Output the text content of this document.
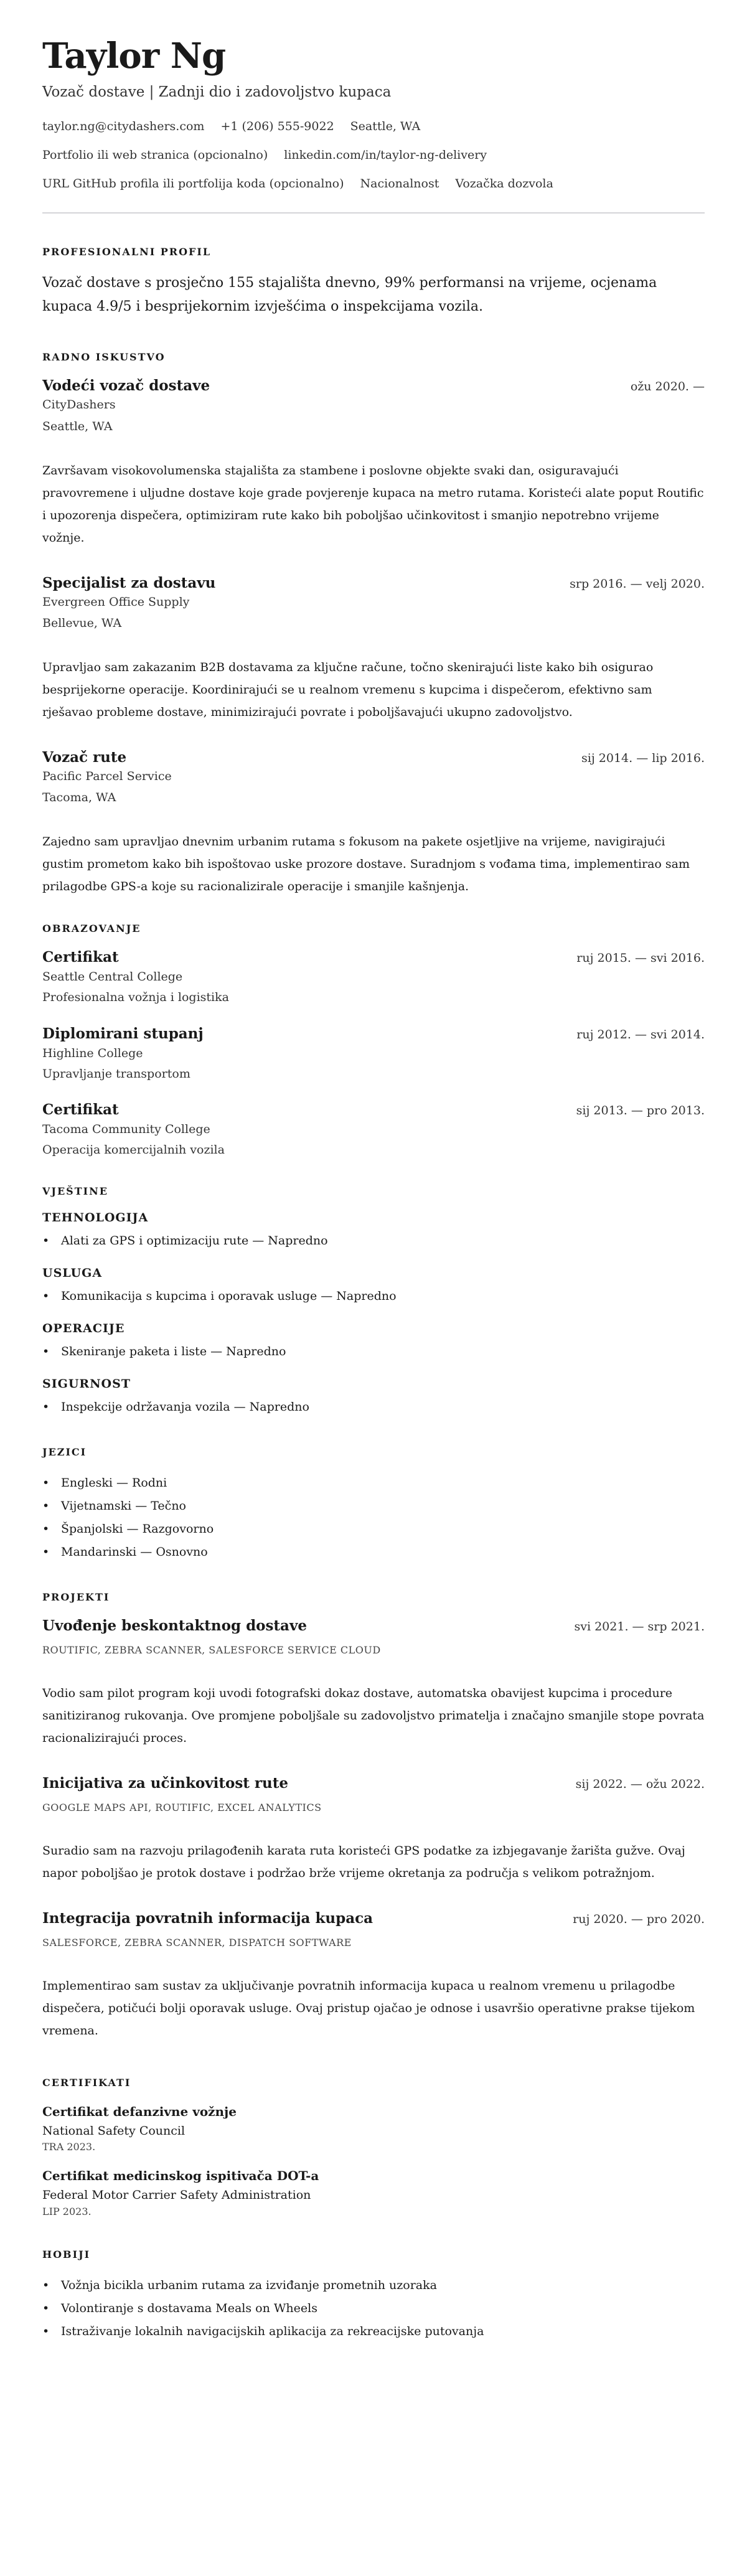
Taylor Ng
Vozač dostave | Zadnji dio i zadovoljstvo kupaca
taylor.ng@citydashers.com +1 (206) 555-9022 Seattle, WA
Portfolio ili web stranica (opcionalno) linkedin.com/in/taylor-ng-delivery
URL GitHub profila ili portfolija koda (opcionalno) Nacionalnost Vozačka dozvola
PROFESIONALNI PROFIL

Vozač dostave s prosječno 155 stajališta dnevno, 99% performansi na vrijeme, ocjenama kupaca 4.9/5 i besprijekornim izvješćima o inspekcijama vozila.

RADNO ISKUSTVO
Vodeći vozač dostave	ožu 2020. —
CityDashers
Seattle, WA

Završavam visokovolumenska stajališta za stambene i poslovne objekte svaki dan, osiguravajući pravovremene i uljudne dostave koje grade povjerenje kupaca na metro rutama. Koristeći alate poput Routific i upozorenja dispečera, optimiziram rute kako bih poboljšao učinkovitost i smanjio nepotrebno vrijeme vožnje.

Specijalist za dostavu	srp 2016. — velj 2020.
Evergreen Office Supply
Bellevue, WA

Upravljao sam zakazanim B2B dostavama za ključne račune, točno skenirajući liste kako bih osigurao besprijekorne operacije. Koordinirajući se u realnom vremenu s kupcima i dispečerom, efektivno sam rješavao probleme dostave, minimizirajući povrate i poboljšavajući ukupno zadovoljstvo.

Vozač rute	sij 2014. — lip 2016.
Pacific Parcel Service
Tacoma, WA

Zajedno sam upravljao dnevnim urbanim rutama s fokusom na pakete osjetljive na vrijeme, navigirajući gustim prometom kako bih ispoštovao uske prozore dostave. Suradnjom s vođama tima, implementirao sam prilagodbe GPS-a koje su racionalizirale operacije i smanjile kašnjenja.

OBRAZOVANJE
Certifikat	ruj 2015. — svi 2016.
Seattle Central College
Profesionalna vožnja i logistika
Diplomirani stupanj	ruj 2012. — svi 2014.
Highline College
Upravljanje transportom
Certifikat	sij 2013. — pro 2013.
Tacoma Community College
Operacija komercijalnih vozila
VJEŠTINE
TEHNOLOGIJA
• Alati za GPS i optimizaciju rute — Napredno
USLUGA
• Komunikacija s kupcima i oporavak usluge — Napredno
OPERACIJE
• Skeniranje paketa i liste — Napredno
SIGURNOST
• Inspekcije održavanja vozila — Napredno
JEZICI
• Engleski — Rodni
• Vijetnamski — Tečno
• Španjolski — Razgovorno
• Mandarinski — Osnovno
PROJEKTI
Uvođenje beskontaktnog dostave	svi 2021. — srp 2021.
ROUTIFIC, ZEBRA SCANNER, SALESFORCE SERVICE CLOUD

Vodio sam pilot program koji uvodi fotografski dokaz dostave, automatska obavijest kupcima i procedure sanitiziranog rukovanja. Ove promjene poboljšale su zadovoljstvo primatelja i značajno smanjile stope povrata racionalizirajući proces.

Inicijativa za učinkovitost rute	sij 2022. — ožu 2022.
GOOGLE MAPS API, ROUTIFIC, EXCEL ANALYTICS

Suradio sam na razvoju prilagođenih karata ruta koristeći GPS podatke za izbjegavanje žarišta gužve. Ovaj napor poboljšao je protok dostave i podržao brže vrijeme okretanja za područja s velikom potražnjom.

Integracija povratnih informacija kupaca	ruj 2020. — pro 2020.
SALESFORCE, ZEBRA SCANNER, DISPATCH SOFTWARE

Implementirao sam sustav za uključivanje povratnih informacija kupaca u realnom vremenu u prilagodbe dispečera, potičući bolji oporavak usluge. Ovaj pristup ojačao je odnose i usavršio operativne prakse tijekom vremena.

CERTIFIKATI
Certifikat defanzivne vožnje
National Safety Council
TRA 2023.
Certifikat medicinskog ispitivača DOT-a
Federal Motor Carrier Safety Administration
LIP 2023.
HOBIJI
• Vožnja bicikla urbanim rutama za izviđanje prometnih uzoraka
• Volontiranje s dostavama Meals on Wheels
• Istraživanje lokalnih navigacijskih aplikacija za rekreacijske putovanja
